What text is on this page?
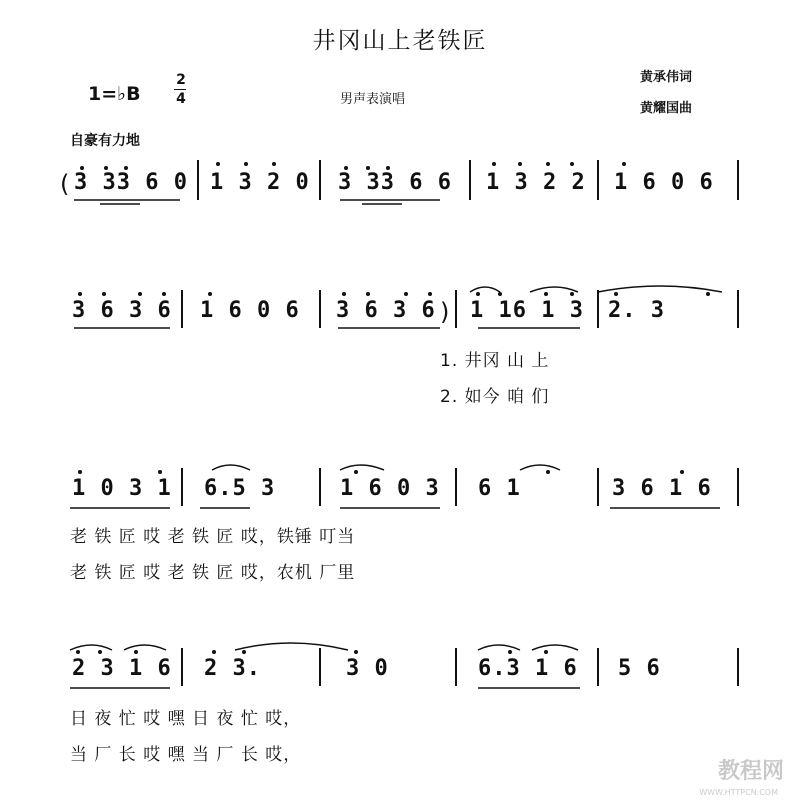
井冈山上老铁匠
1=♭B
2
4	男声表演唱
黄承伟词
黄耀国曲
自豪有力地
(
)
3 33 6 0 1 3 2 0 3 33 6 6 1 3 2 2 1 6 0 6
3 6 3 6 1 6 0 6 3 6 3 6 1 16 1 3 2. 3
1. 井冈 山 上
2. 如今 咱 们
1 0 3 1 6.5 3	1 6 0 3 6 1	3 6 1 6
老 铁 匠 哎 老 铁 匠 哎，铁锤 叮当
老 铁 匠 哎 老 铁 匠 哎，农机 厂里
2 3 1 6 2 3.	3 0	6.3 1 6 5 6
日 夜 忙 哎 嘿 日 夜 忙 哎，
当 厂 长 哎 嘿 当 厂 长 哎，
教程网
WWW.HTTPCN.COM
